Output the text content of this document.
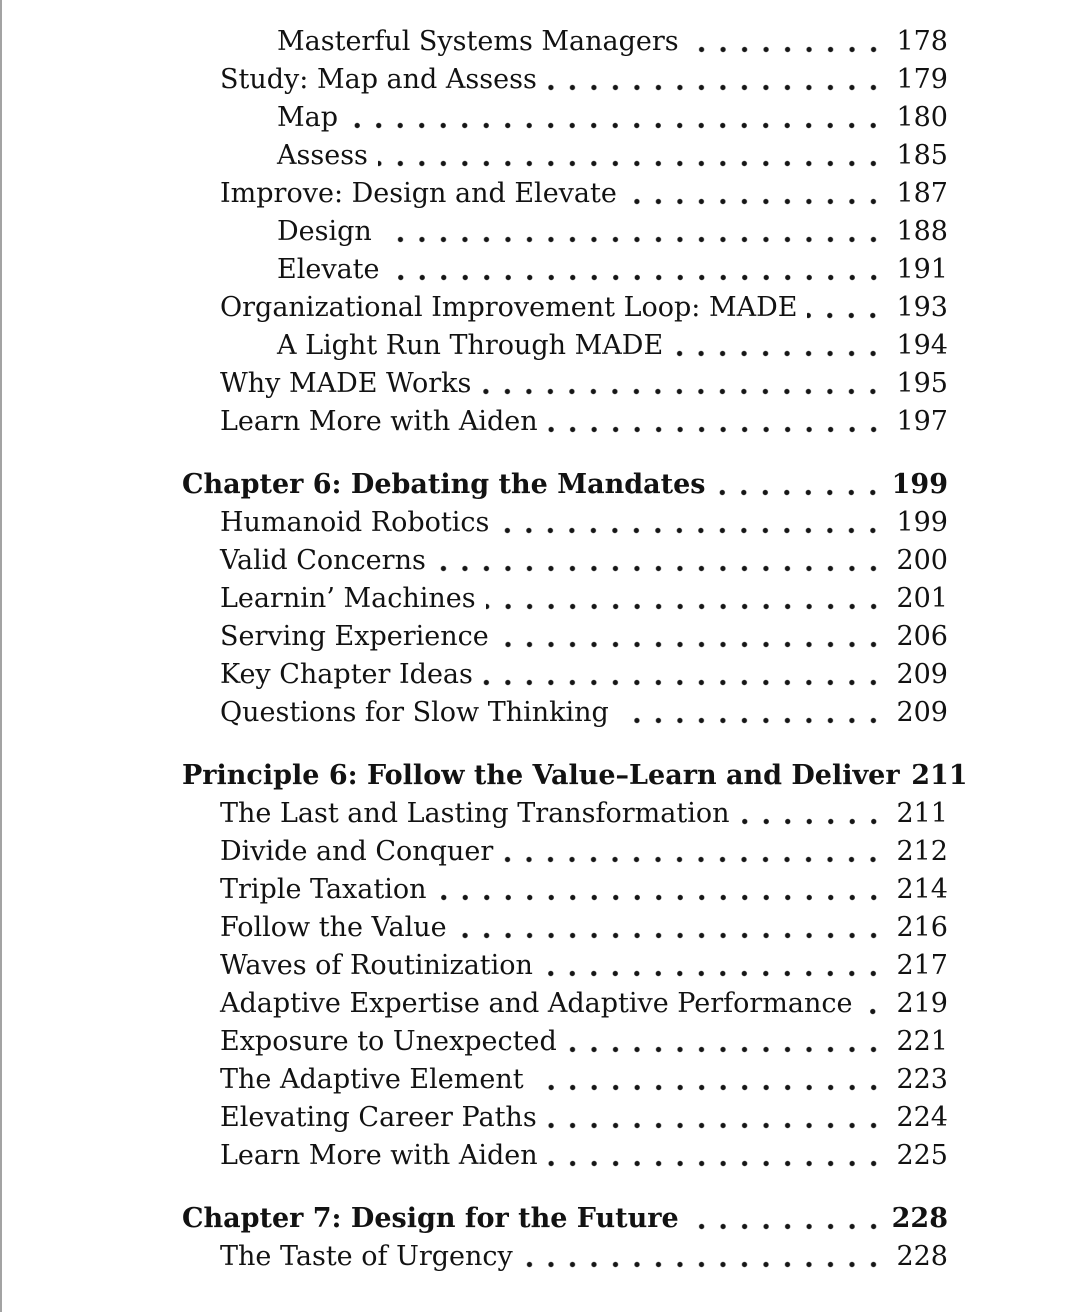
Masterful Systems Managers	178
Study: Map and Assess	179
Map	180
Assess	185
Improve: Design and Elevate	187
Design	188
Elevate	191
Organizational Improvement Loop: MADE	193
A Light Run Through MADE	194
Why MADE Works	195
Learn More with Aiden	197
Chapter 6: Debating the Mandates	199
Humanoid Robotics	199
Valid Concerns	200
Learnin’ Machines	201
Serving Experience	206
Key Chapter Ideas	209
Questions for Slow Thinking	209
Principle 6: Follow the Value–Learn and Deliver 211
The Last and Lasting Transformation	211
Divide and Conquer	212
Triple Taxation	214
Follow the Value	216
Waves of Routinization	217
Adaptive Expertise and Adaptive Performance	219
Exposure to Unexpected	221
The Adaptive Element	223
Elevating Career Paths	224
Learn More with Aiden	225
Chapter 7: Design for the Future	228
The Taste of Urgency	228
